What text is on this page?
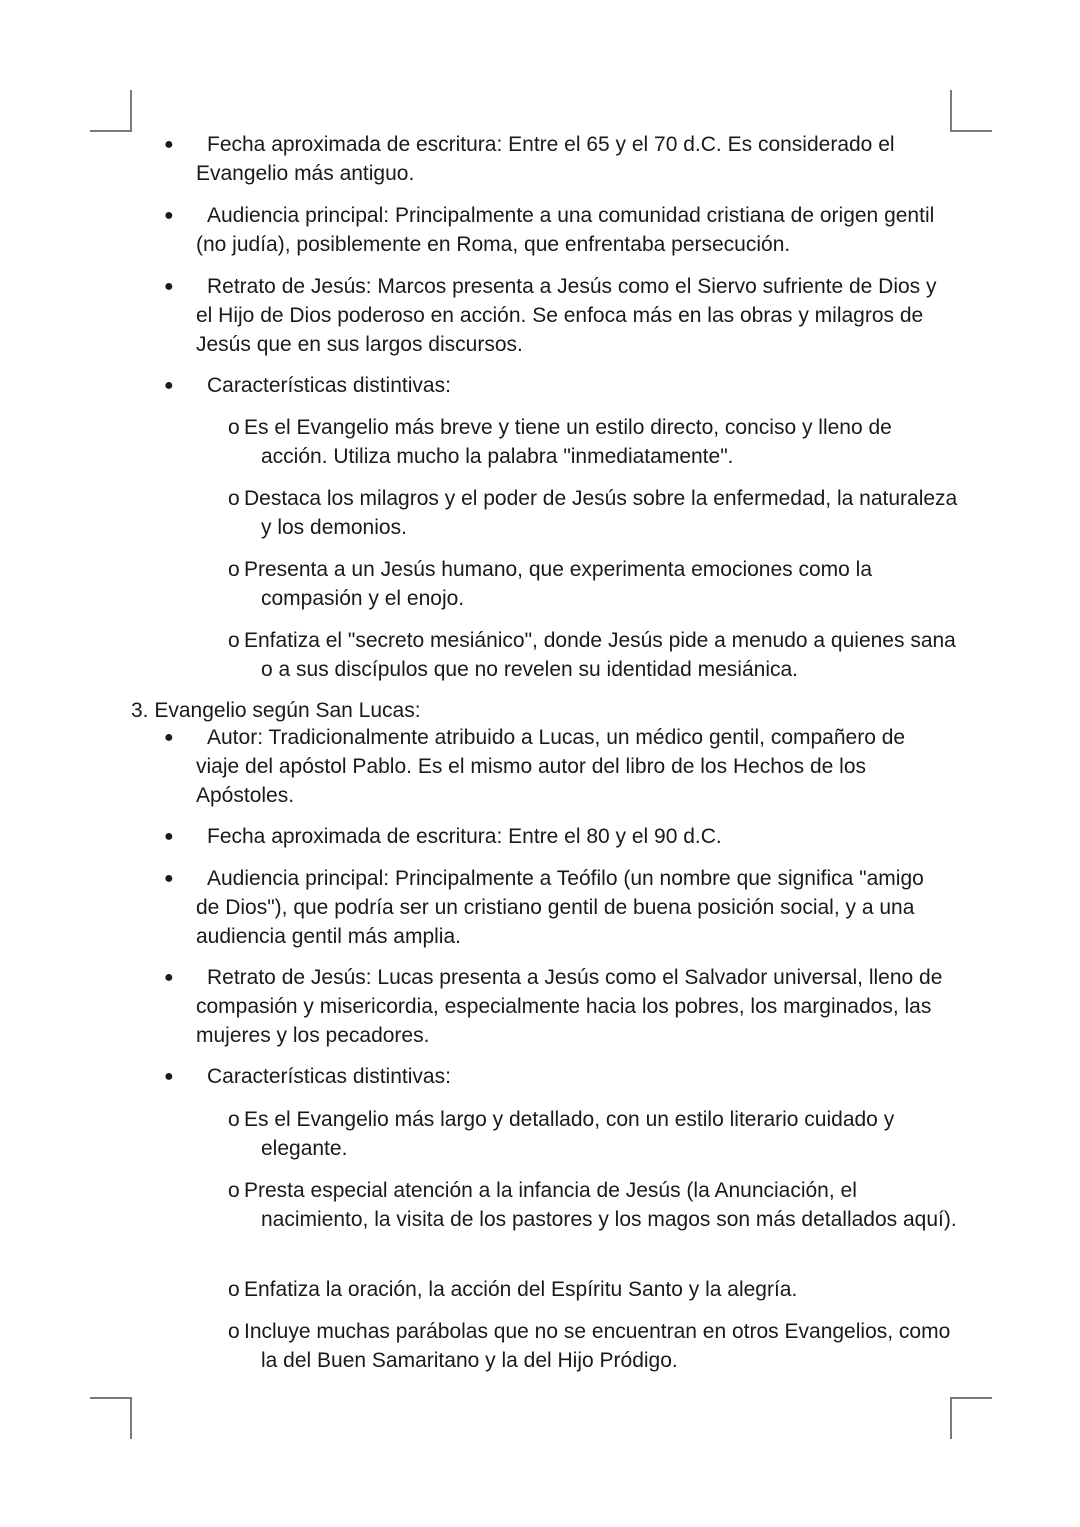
●	Fecha aproximada de escritura: Entre el 65 y el 70 d.C. Es considerado el Evangelio más antiguo.
●	Audiencia principal: Principalmente a una comunidad cristiana de origen gentil (no judía), posiblemente en Roma, que enfrentaba persecución.
●	Retrato de Jesús: Marcos presenta a Jesús como el Siervo sufriente de Dios y el Hijo de Dios poderoso en acción. Se enfoca más en las obras y milagros de Jesús que en sus largos discursos.
●	Características distintivas:
o Es el Evangelio más breve y tiene un estilo directo, conciso y lleno de acción. Utiliza mucho la palabra "inmediatamente".
o Destaca los milagros y el poder de Jesús sobre la enfermedad, la naturaleza y los demonios.
o Presenta a un Jesús humano, que experimenta emociones como la compasión y el enojo.
o Enfatiza el "secreto mesiánico", donde Jesús pide a menudo a quienes sana o a sus discípulos que no revelen su identidad mesiánica.
3. Evangelio según San Lucas:
●	Autor: Tradicionalmente atribuido a Lucas, un médico gentil, compañero de viaje del apóstol Pablo. Es el mismo autor del libro de los Hechos de los Apóstoles.
●	Fecha aproximada de escritura: Entre el 80 y el 90 d.C.
●	Audiencia principal: Principalmente a Teófilo (un nombre que significa "amigo de Dios"), que podría ser un cristiano gentil de buena posición social, y a una audiencia gentil más amplia.
●	Retrato de Jesús: Lucas presenta a Jesús como el Salvador universal, lleno de compasión y misericordia, especialmente hacia los pobres, los marginados, las mujeres y los pecadores.
●	Características distintivas:
o Es el Evangelio más largo y detallado, con un estilo literario cuidado y elegante.
o Presta especial atención a la infancia de Jesús (la Anunciación, el nacimiento, la visita de los pastores y los magos son más detallados aquí).
o Enfatiza la oración, la acción del Espíritu Santo y la alegría.
o Incluye muchas parábolas que no se encuentran en otros Evangelios, como la del Buen Samaritano y la del Hijo Pródigo.
